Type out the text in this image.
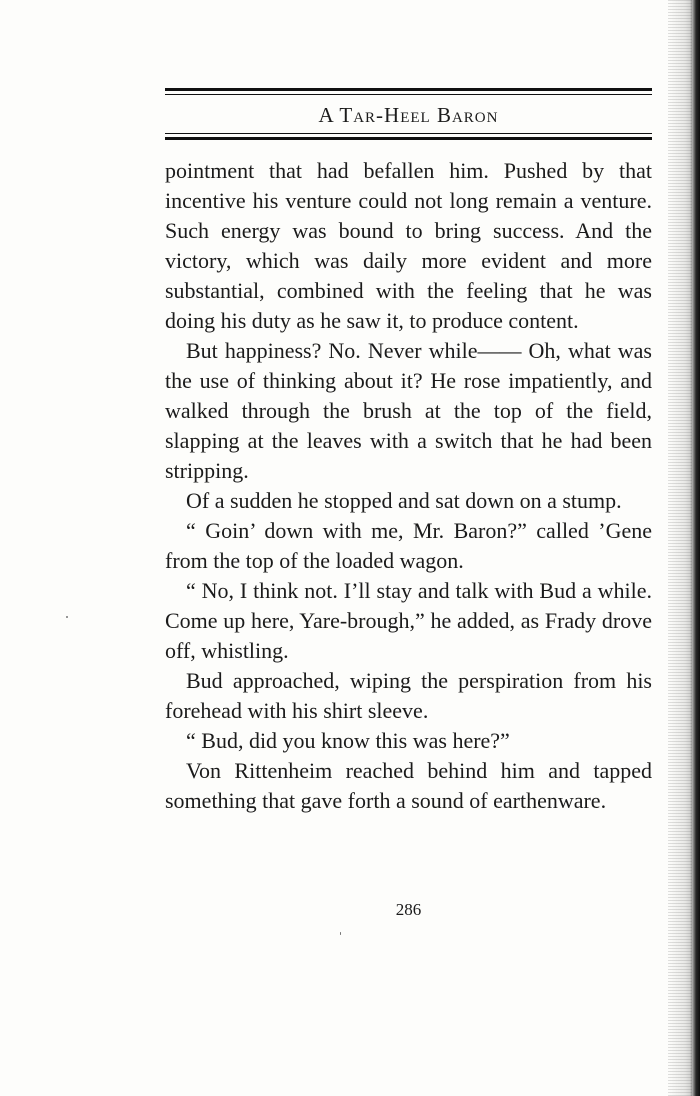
A Tar-Heel Baron

pointment that had befallen him. Pushed by that incentive his venture could not long remain a venture. Such energy was bound to bring success. And the victory, which was daily more evident and more substantial, combined with the feeling that he was doing his duty as he saw it, to produce content.

But happiness? No. Never while—— Oh, what was the use of thinking about it? He rose impatiently, and walked through the brush at the top of the field, slapping at the leaves with a switch that he had been stripping.

Of a sudden he stopped and sat down on a stump.

“ Goin’ down with me, Mr. Baron?” called ’Gene from the top of the loaded wagon.

“ No, I think not. I’ll stay and talk with Bud a while. Come up here, Yare-brough,” he added, as Frady drove off, whistling.

Bud approached, wiping the perspiration from his forehead with his shirt sleeve.

“ Bud, did you know this was here?”

Von Rittenheim reached behind him and tapped something that gave forth a sound of earthenware.

286
